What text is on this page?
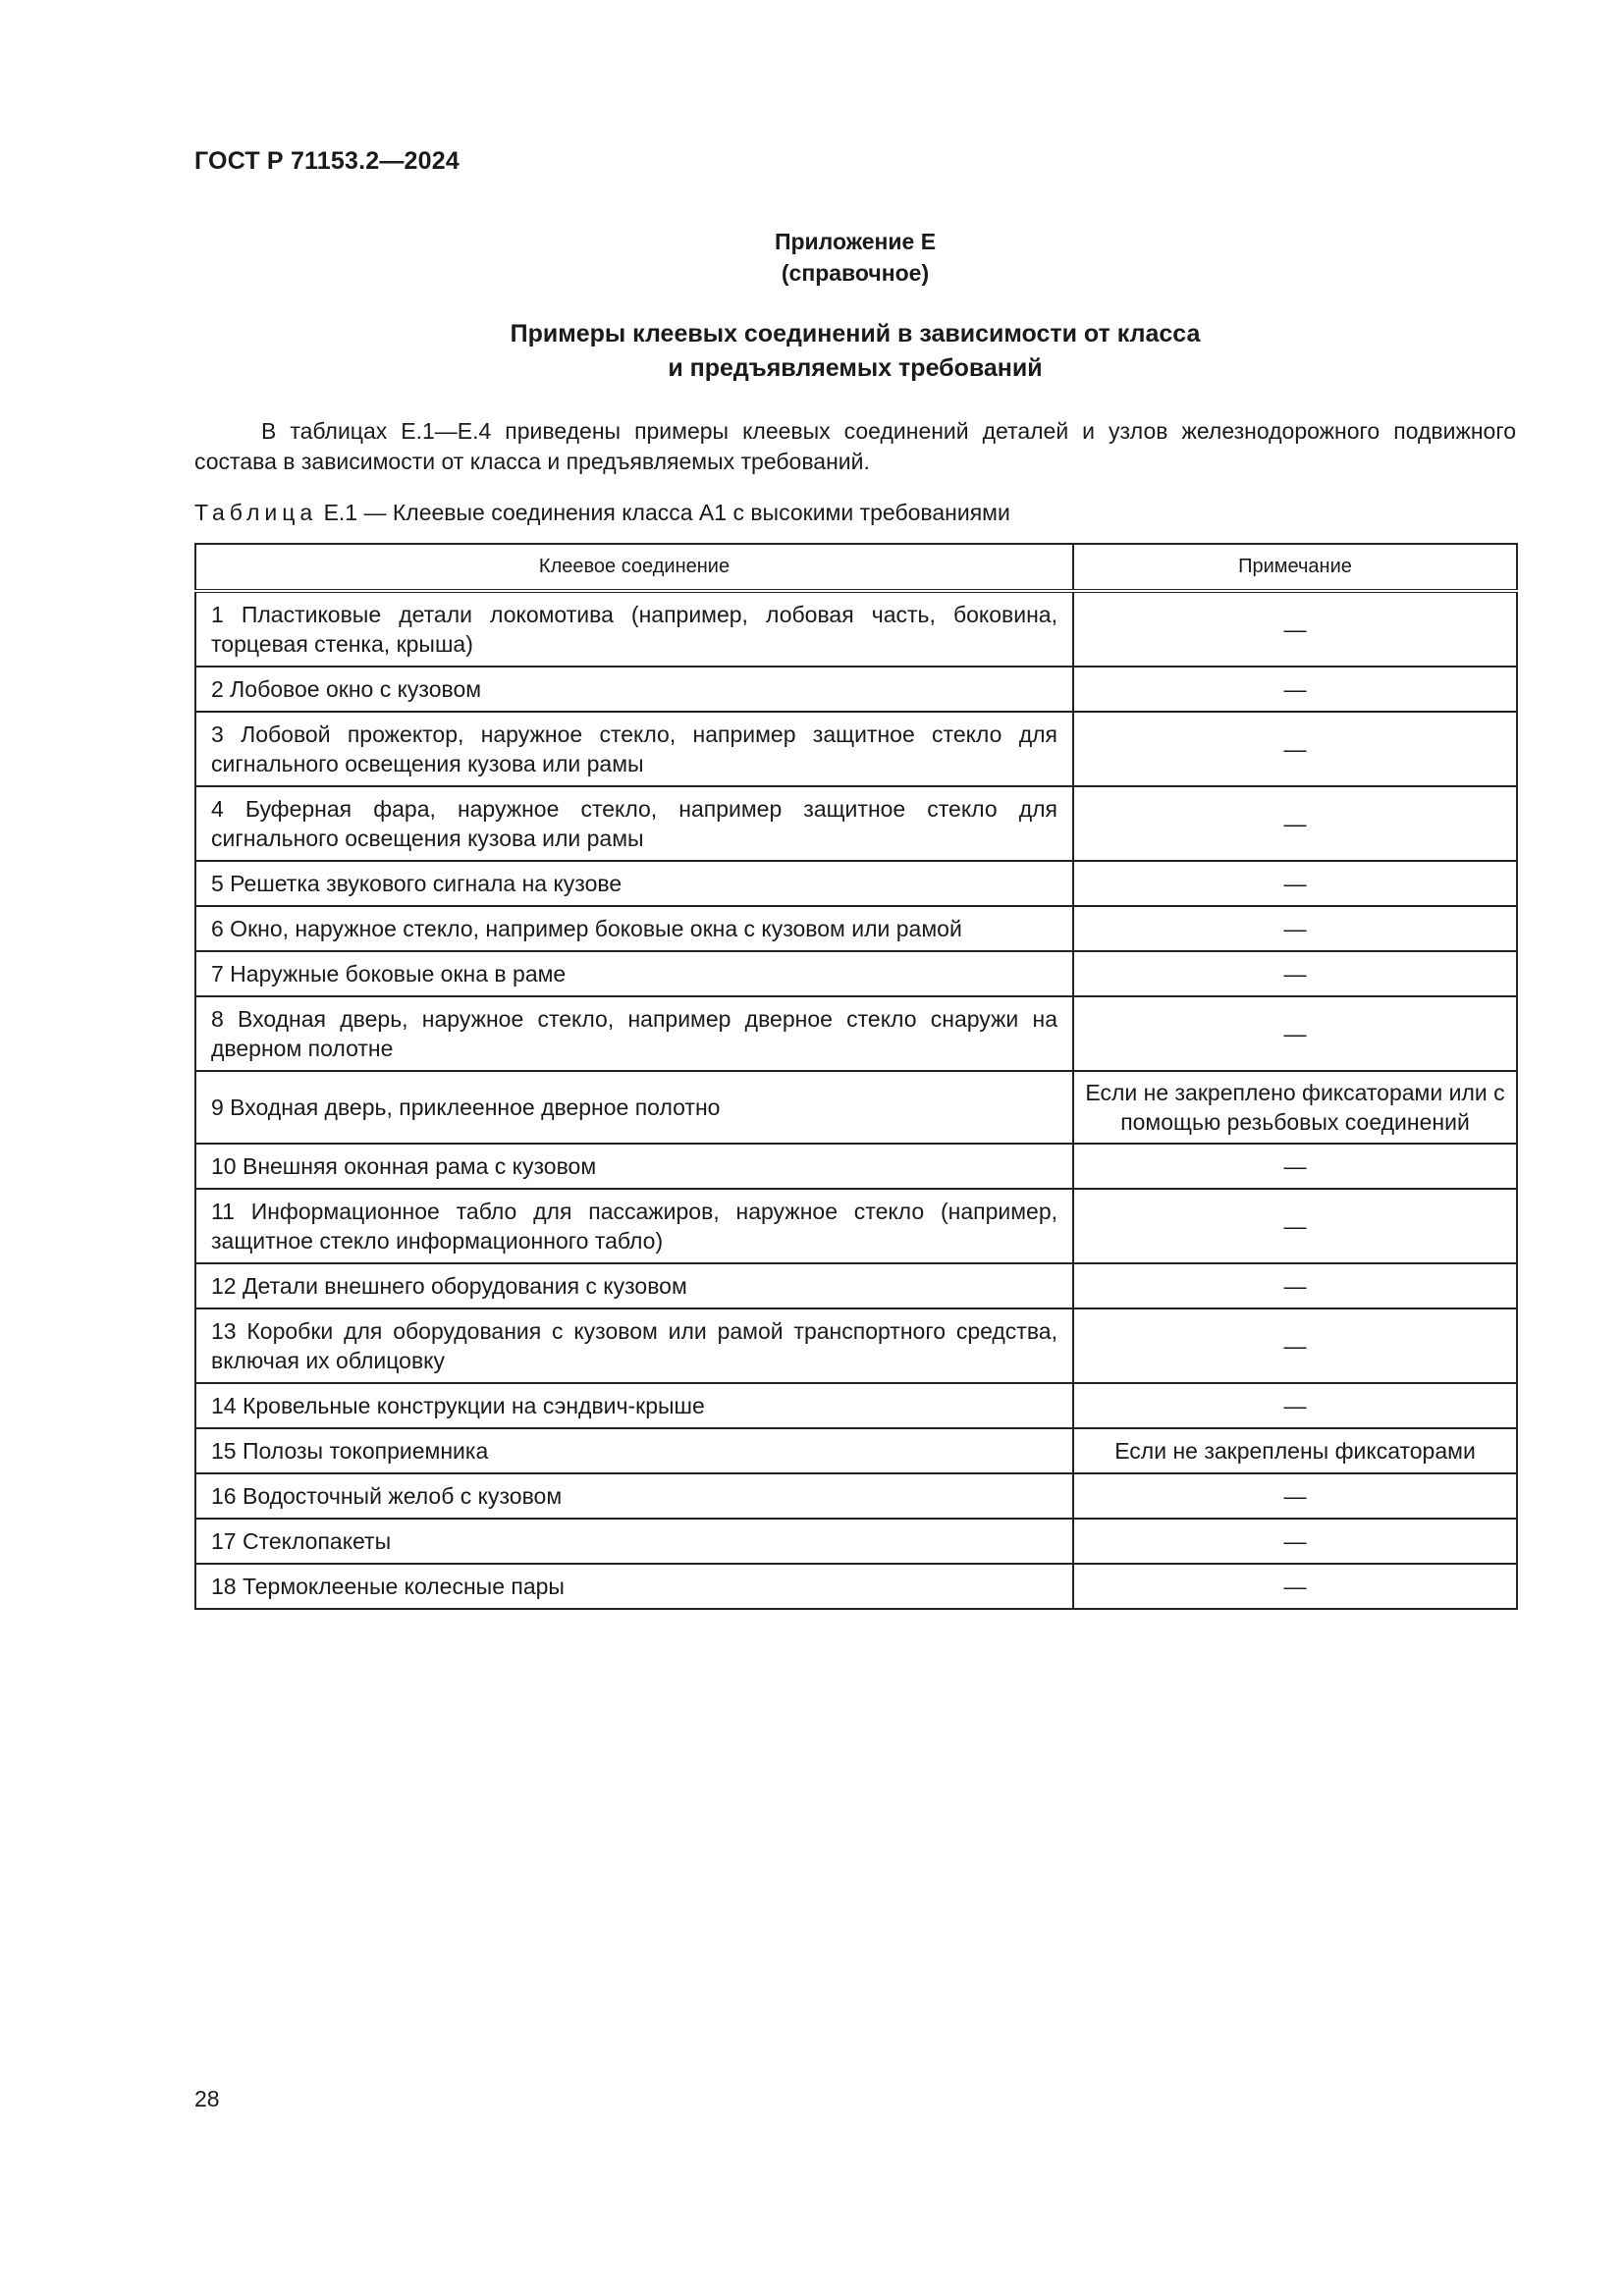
ГОСТ Р 71153.2—2024
Приложение Е
(справочное)
Примеры клеевых соединений в зависимости от класса
и предъявляемых требований
В таблицах Е.1—Е.4 приведены примеры клеевых соединений деталей и узлов железнодорожного подвижного состава в зависимости от класса и предъявляемых требований.
Таблица Е.1 — Клеевые соединения класса А1 с высокими требованиями
Клеевое соединение	Примечание
1 Пластиковые детали локомотива (например, лобовая часть, боковина, торцевая стенка, крыша)	—
2 Лобовое окно с кузовом	—
3 Лобовой прожектор, наружное стекло, например защитное стекло для сигнального освещения кузова или рамы	—
4 Буферная фара, наружное стекло, например защитное стекло для сигнального освещения кузова или рамы	—
5 Решетка звукового сигнала на кузове	—
6 Окно, наружное стекло, например боковые окна с кузовом или рамой	—
7 Наружные боковые окна в раме	—
8 Входная дверь, наружное стекло, например дверное стекло снаружи на дверном полотне	—
9 Входная дверь, приклеенное дверное полотно	Если не закреплено фиксаторами или с помощью резьбовых соединений
10 Внешняя оконная рама с кузовом	—
11 Информационное табло для пассажиров, наружное стекло (например, защитное стекло информационного табло)	—
12 Детали внешнего оборудования с кузовом	—
13 Коробки для оборудования с кузовом или рамой транспортного средства, включая их облицовку	—
14 Кровельные конструкции на сэндвич-крыше	—
15 Полозы токоприемника	Если не закреплены фиксаторами
16 Водосточный желоб с кузовом	—
17 Стеклопакеты	—
18 Термоклееные колесные пары	—
28
